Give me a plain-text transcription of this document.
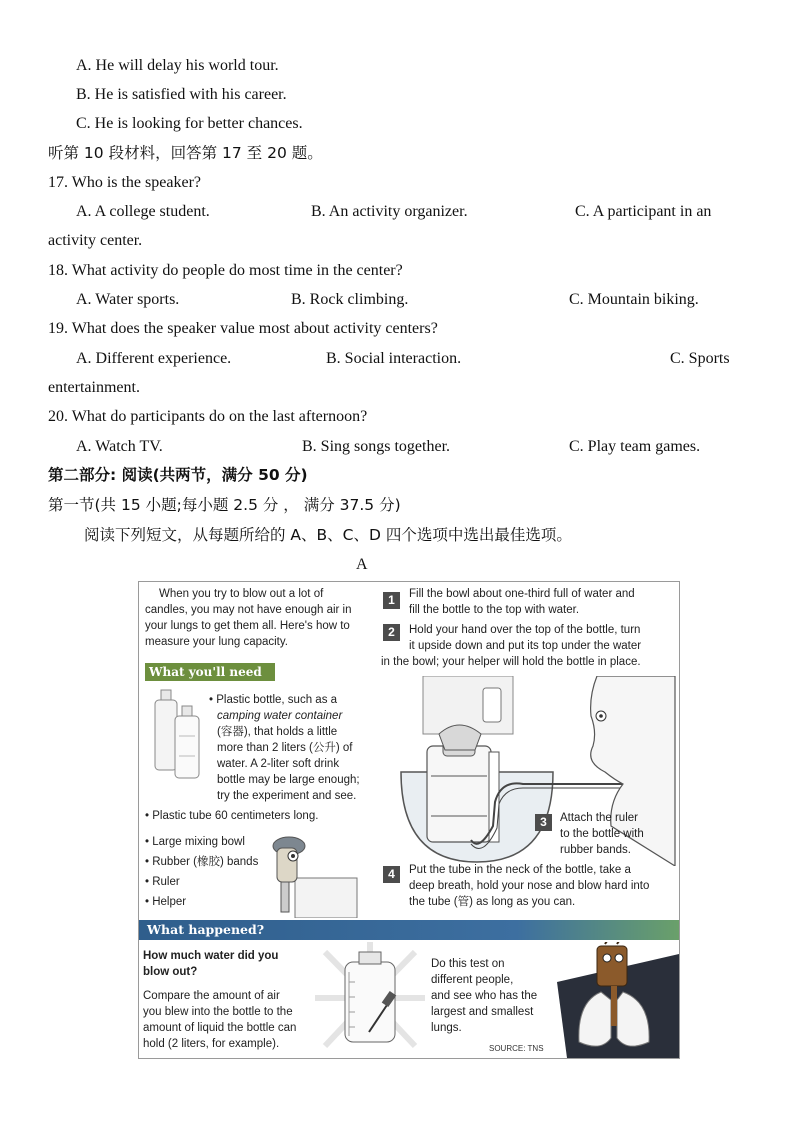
A. He will delay his world tour.
B. He is satisfied with his career.
C. He is looking for better chances.
听第 10 段材料，回答第 17 至 20 题。
17. Who is the speaker?
A. A college student.	B. An activity organizer.	C. A participant in an
activity center.
18. What activity do people do most time in the center?
A. Water sports.	B. Rock climbing.	C. Mountain biking.
19. What does the speaker value most about activity centers?
A. Different experience.	B. Social interaction.	C. Sports
entertainment.
20. What do participants do on the last afternoon?
A. Watch TV.	B. Sing songs together.	C. Play team games.
第二部分: 阅读(共两节，满分 50 分)
第一节(共 15 小题;每小题 2.5 分 ， 满分 37.5 分)
阅读下列短文，从每题所给的 A、B、C、D 四个选项中选出最佳选项。
A
When you try to blow out a lot of
candles, you may not have enough air in
your lungs to get them all. Here's how to
measure your lung capacity.
What you'll need
• Plastic bottle, such as a
camping water container
(容器), that holds a little
more than 2 liters (公升) of
water. A 2-liter soft drink
bottle may be large enough;
try the experiment and see.
• Plastic tube 60 centimeters long.
• Large mixing bowl
• Rubber (橡胶) bands
• Ruler
• Helper
1	Fill the bowl about one-third full of water and
fill the bottle to the top with water.
2	Hold your hand over the top of the bottle, turn
it upside down and put its top under the water
in the bowl; your helper will hold the bottle in place.
3	Attach the ruler
to the bottle with
rubber bands.
4	Put the tube in the neck of the bottle, take a
deep breath, hold your nose and blow hard into
the tube (管) as long as you can.
What happened?
How much water did you
blow out?
Compare the amount of air
you blew into the bottle to the
amount of liquid the bottle can
hold (2 liters, for example).
Do this test on
different people,
and see who has the
largest and smallest
lungs.
SOURCE: TNS
